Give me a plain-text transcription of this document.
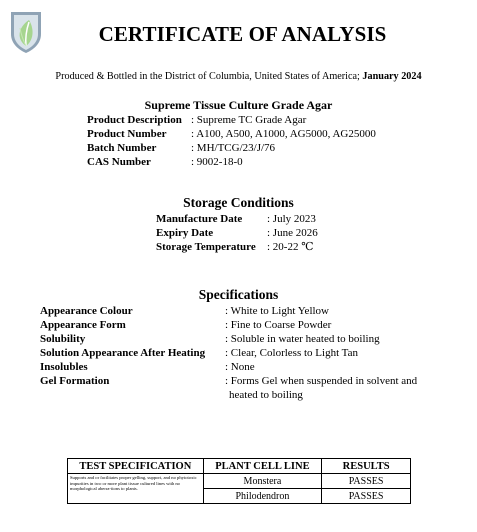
CERTIFICATE OF ANALYSIS
Produced & Bottled in the District of Columbia, United States of America; January 2024
Supreme Tissue Culture Grade Agar
Product Description : Supreme TC Grade Agar
Product Number	: A100, A500, A1000, AG5000, AG25000
Batch Number	: MH/TCG/23/J/76
CAS Number	: 9002-18-0
Storage Conditions
Manufacture Date	: July 2023
Expiry Date	: June 2026
Storage Temperature	: 20-22 ℃
Specifications
Appearance Colour	: White to Light Yellow
Appearance Form	: Fine to Coarse Powder
Solubility	: Soluble in water heated to boiling
Solution Appearance After Heating	: Clear, Colorless to Light Tan
Insolubles	: None
Gel Formation	: Forms Gel when suspended in solvent and
heated to boiling
TEST SPECIFICATION	PLANT CELL LINE	RESULTS
Supports and or facilitates proper gelling, support, and no phytotoxic impurities in two or more plant tissue cultured lines with no morphological aberra-tions to plants.	Monstera	PASSES
	Philodendron	PASSES
